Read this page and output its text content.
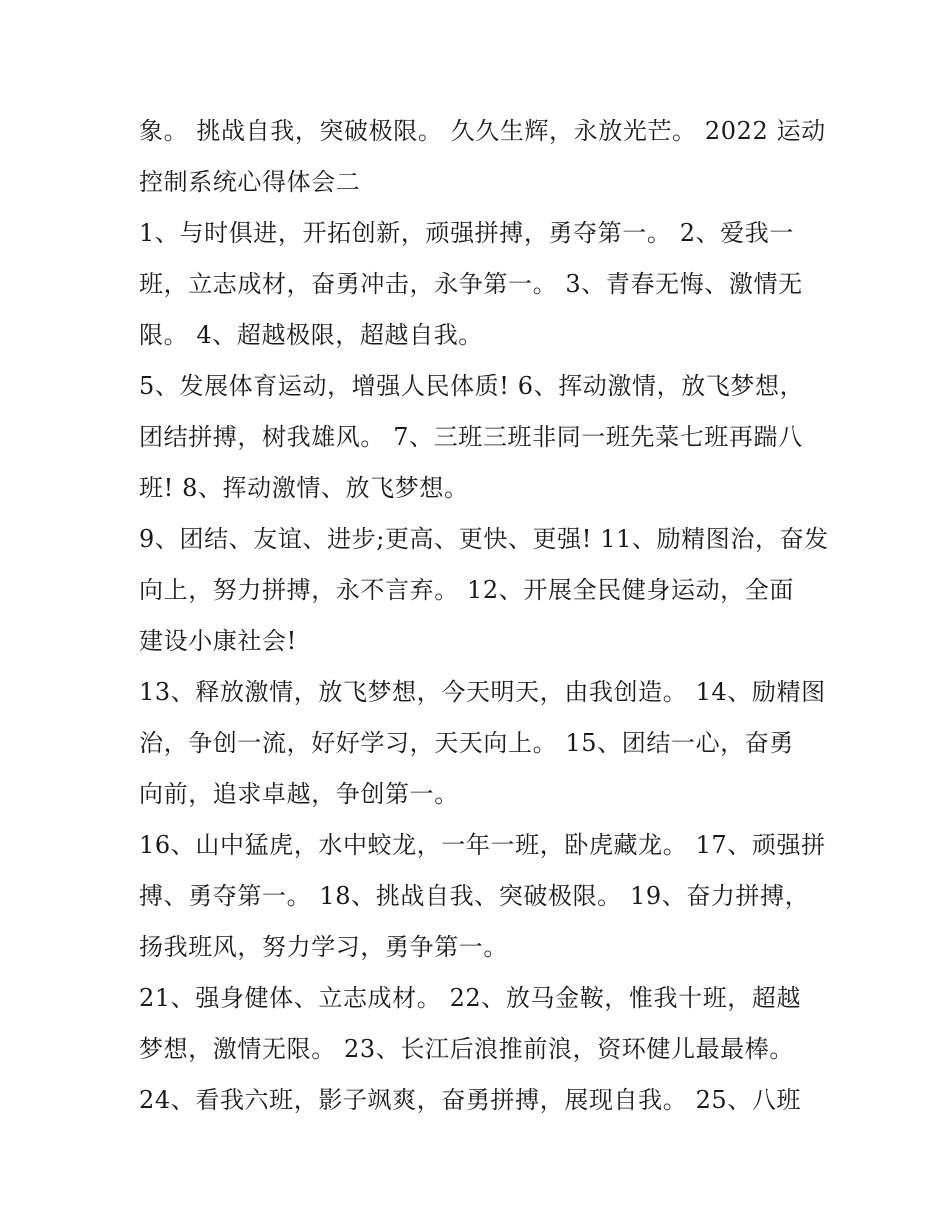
象。 挑战自我，突破极限。 久久生辉，永放光芒。 2022 运动
控制系统心得体会二
1、与时俱进，开拓创新，顽强拼搏，勇夺第一。 2、爱我一
班，立志成材，奋勇冲击，永争第一。 3、青春无悔、激情无
限。 4、超越极限，超越自我。
5、发展体育运动，增强人民体质! 6、挥动激情，放飞梦想，
团结拼搏，树我雄风。 7、三班三班非同一班先菜七班再踹八
班! 8、挥动激情、放飞梦想。
9、团结、友谊、进步;更高、更快、更强! 11、励精图治，奋发
向上，努力拼搏，永不言弃。 12、开展全民健身运动，全面
建设小康社会!
13、释放激情，放飞梦想，今天明天，由我创造。 14、励精图
治，争创一流，好好学习，天天向上。 15、团结一心，奋勇
向前，追求卓越，争创第一。
16、山中猛虎，水中蛟龙，一年一班，卧虎藏龙。 17、顽强拼
搏、勇夺第一。 18、挑战自我、突破极限。 19、奋力拼搏，
扬我班风，努力学习，勇争第一。
21、强身健体、立志成材。 22、放马金鞍，惟我十班，超越
梦想，激情无限。 23、长江后浪推前浪，资环健儿最最棒。
24、看我六班，影子飒爽，奋勇拼搏，展现自我。 25、八班
